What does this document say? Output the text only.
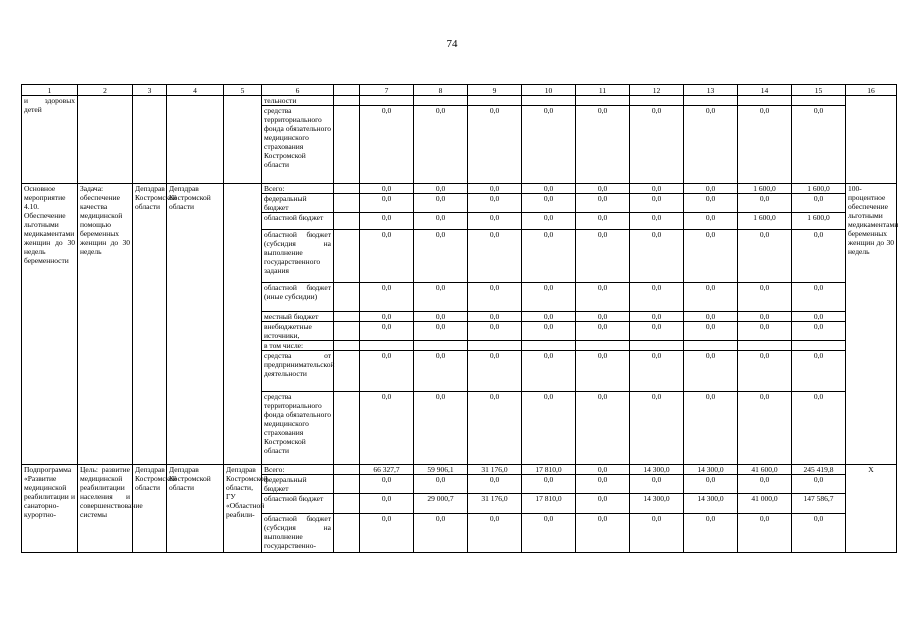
74
1	2	3	4	5	6		7	8	9	10	11	12	13	14	15	16
и здоровых детей					тельности											
					средства территориального фонда обязательного медицинского страхования Костромской области		0,0	0,0	0,0	0,0	0,0	0,0	0,0	0,0	0,0	
Основное мероприятие 4.10. Обеспечение льготными медикаментами женщин до 30 недель беременности	Задача: обеспечение качества медицинской помощью беременных женщин до 30 недель	Депздрав Костромской области	Депздрав Костромской области		Всего:		0,0	0,0	0,0	0,0	0,0	0,0	0,0	1 600,0	1 600,0	100-процентное обеспечение льготными медикаментами беременных женщин до 30 недель
					федеральный бюджет		0,0	0,0	0,0	0,0	0,0	0,0	0,0	0,0	0,0	
					областной бюджет		0,0	0,0	0,0	0,0	0,0	0,0	0,0	1 600,0	1 600,0	
					областной бюджет (субсидия на выполнение государственного задания		0,0	0,0	0,0	0,0	0,0	0,0	0,0	0,0	0,0	
					областной бюджет (иные субсидии)		0,0	0,0	0,0	0,0	0,0	0,0	0,0	0,0	0,0	
					местный бюджет		0,0	0,0	0,0	0,0	0,0	0,0	0,0	0,0	0,0	
					внебюджетные источники,		0,0	0,0	0,0	0,0	0,0	0,0	0,0	0,0	0,0	
					в том числе:											
					средства от предпринимательской деятельности		0,0	0,0	0,0	0,0	0,0	0,0	0,0	0,0	0,0	
					средства территориального фонда обязательного медицинского страхования Костромской области		0,0	0,0	0,0	0,0	0,0	0,0	0,0	0,0	0,0	
Подпрограмма «Развитие медицинской реабилитации и санаторно-курортно-	Цель: развитие медицинской реабилитации населения и совершенствование системы	Депздрав Костромской области	Депздрав Костромской области	Депздрав Костромской области, ГУ «Областной реабили-	Всего:		66 327,7	59 906,1	31 176,0	17 810,0	0,0	14 300,0	14 300,0	41 600,0	245 419,8	Х
					федеральный бюджет		0,0	0,0	0,0	0,0	0,0	0,0	0,0	0,0	0,0	
					областной бюджет		0,0	29 000,7	31 176,0	17 810,0	0,0	14 300,0	14 300,0	41 000,0	147 586,7	
					областной бюджет (субсидия на выполнение государственно-		0,0	0,0	0,0	0,0	0,0	0,0	0,0	0,0	0,0	
